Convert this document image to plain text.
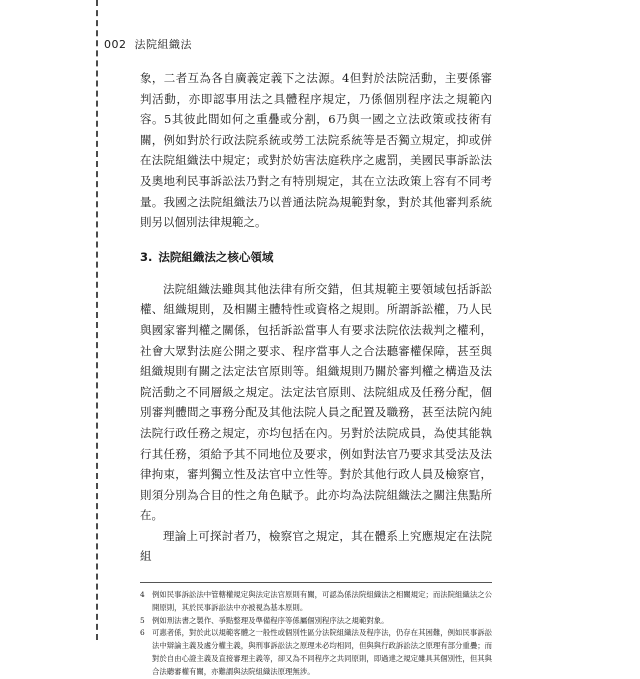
002 法院組織法

象，二者互為各自廣義定義下之法源。4但對於法院活動，主要係審判活動，亦即認事用法之具體程序規定，乃係個別程序法之規範內容。5其彼此間如何之重疊或分割，6乃與一國之立法政策或技術有關，例如對於行政法院系統或勞工法院系統等是否獨立規定，抑或併在法院組織法中規定；或對於妨害法庭秩序之處罰，美國民事訴訟法及奧地利民事訴訟法乃對之有特別規定，其在立法政策上容有不同考量。我國之法院組織法乃以普通法院為規範對象，對於其他審判系統則另以個別法律規範之。

3. 法院組織法之核心領域

法院組織法雖與其他法律有所交錯，但其規範主要領域包括訴訟權、組織規則，及相關主體特性或資格之規則。所謂訴訟權，乃人民與國家審判權之關係，包括訴訟當事人有要求法院依法裁判之權利，社會大眾對法庭公開之要求、程序當事人之合法聽審權保障，甚至與組織規則有關之法定法官原則等。組織規則乃關於審判權之構造及法院活動之不同層級之規定。法定法官原則、法院組成及任務分配，個別審判體間之事務分配及其他法院人員之配置及職務，甚至法院內純法院行政任務之規定，亦均包括在內。另對於法院成員，為使其能執行其任務，須給予其不同地位及要求，例如對法官乃要求其受法及法律拘束，審判獨立性及法官中立性等。對於其他行政人員及檢察官，則須分別為合目的性之角色賦予。此亦均為法院組織法之關注焦點所在。

理論上可探討者乃，檢察官之規定，其在體系上究應規定在法院組

4 例如民事訴訟法中管轄權規定與法定法官原則有關，可認為係法院組織法之相關規定；而法院組織法之公開原則，其於民事訴訟法中亦被視為基本原則。
5 例如刑法書之製作、爭點整理及準備程序等係屬個別程序法之規範對象。
6 可惠者係，對於此以規範客體之一般性或個別性區分法院組織法及程序法，仍存在其困難，例如民事訴訟法中辯論主義及處分權主義，與刑事訴訟法之原理未必均相同，但與與行政訴訟法之原理有部分重疊；而對於自由心證主義及直接審理主義等，卻又為不同程序之共同原則，即過達之規定雖具其個別性，但其與合法聽審權有關，亦難謂與法院組織法原理無涉。
